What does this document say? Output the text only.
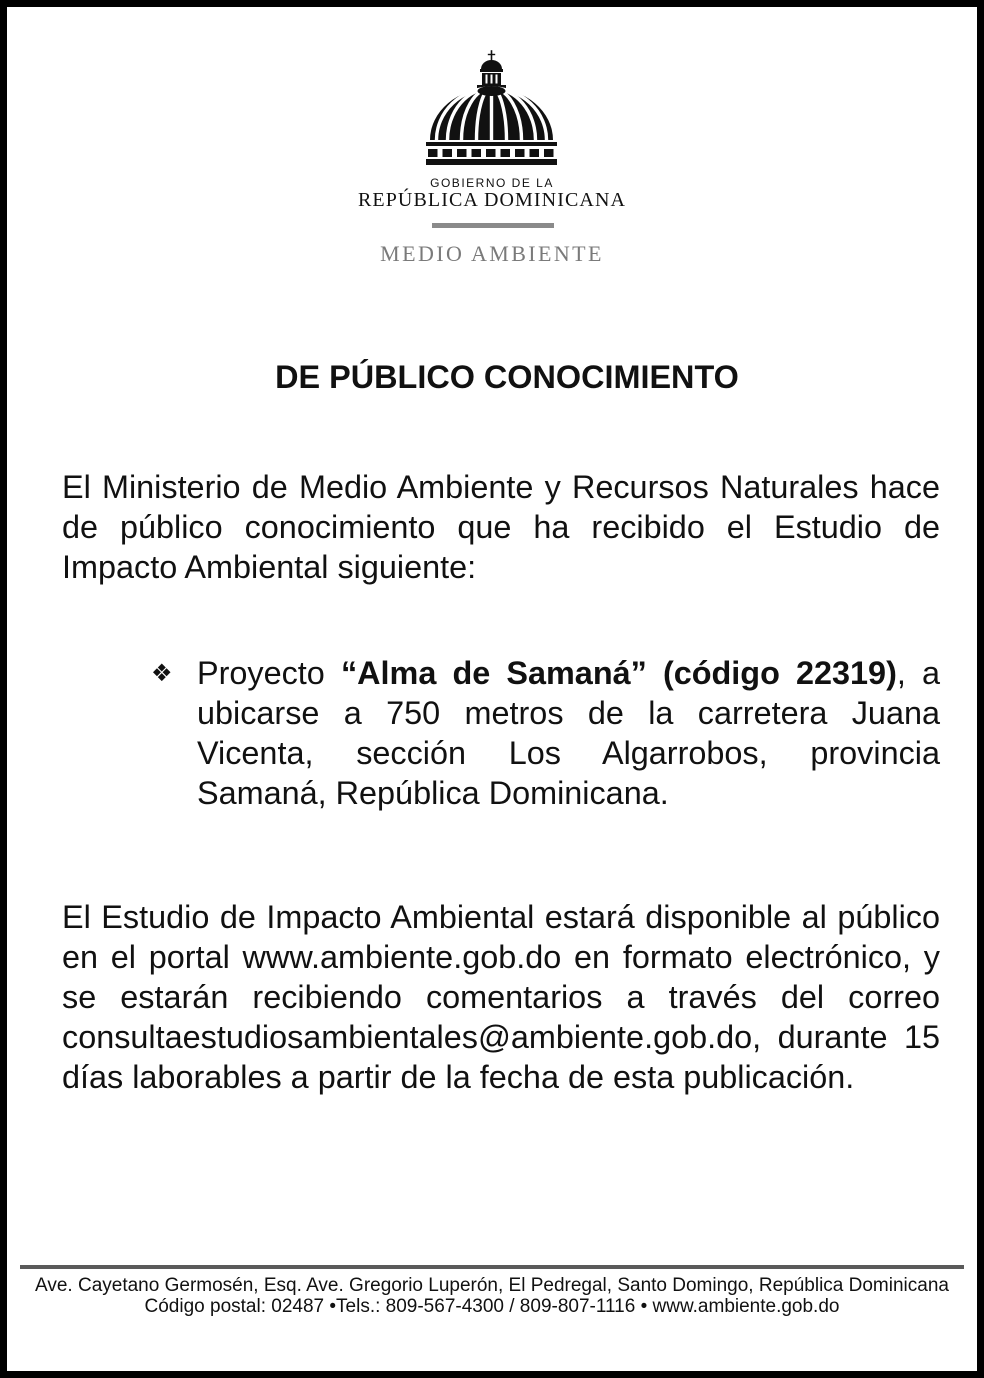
GOBIERNO DE LA
REPÚBLICA DOMINICANA
MEDIO AMBIENTE
DE PÚBLICO CONOCIMIENTO
El Ministerio de Medio Ambiente y Recursos Naturales hace
de público conocimiento que ha recibido el Estudio de
Impacto Ambiental siguiente:
❖ Proyecto “Alma de Samaná” (código 22319), a
ubicarse a 750 metros de la carretera Juana
Vicenta, sección Los Algarrobos, provincia
Samaná, República Dominicana.
El Estudio de Impacto Ambiental estará disponible al público
en el portal www.ambiente.gob.do en formato electrónico, y
se estarán recibiendo comentarios a través del correo
consultaestudiosambientales@ambiente.gob.do, durante 15
días laborables a partir de la fecha de esta publicación.

Ave. Cayetano Germosén, Esq. Ave. Gregorio Luperón, El Pedregal, Santo Domingo, República Dominicana

Código postal: 02487 •Tels.: 809-567-4300 / 809-807-1116 • www.ambiente.gob.do
